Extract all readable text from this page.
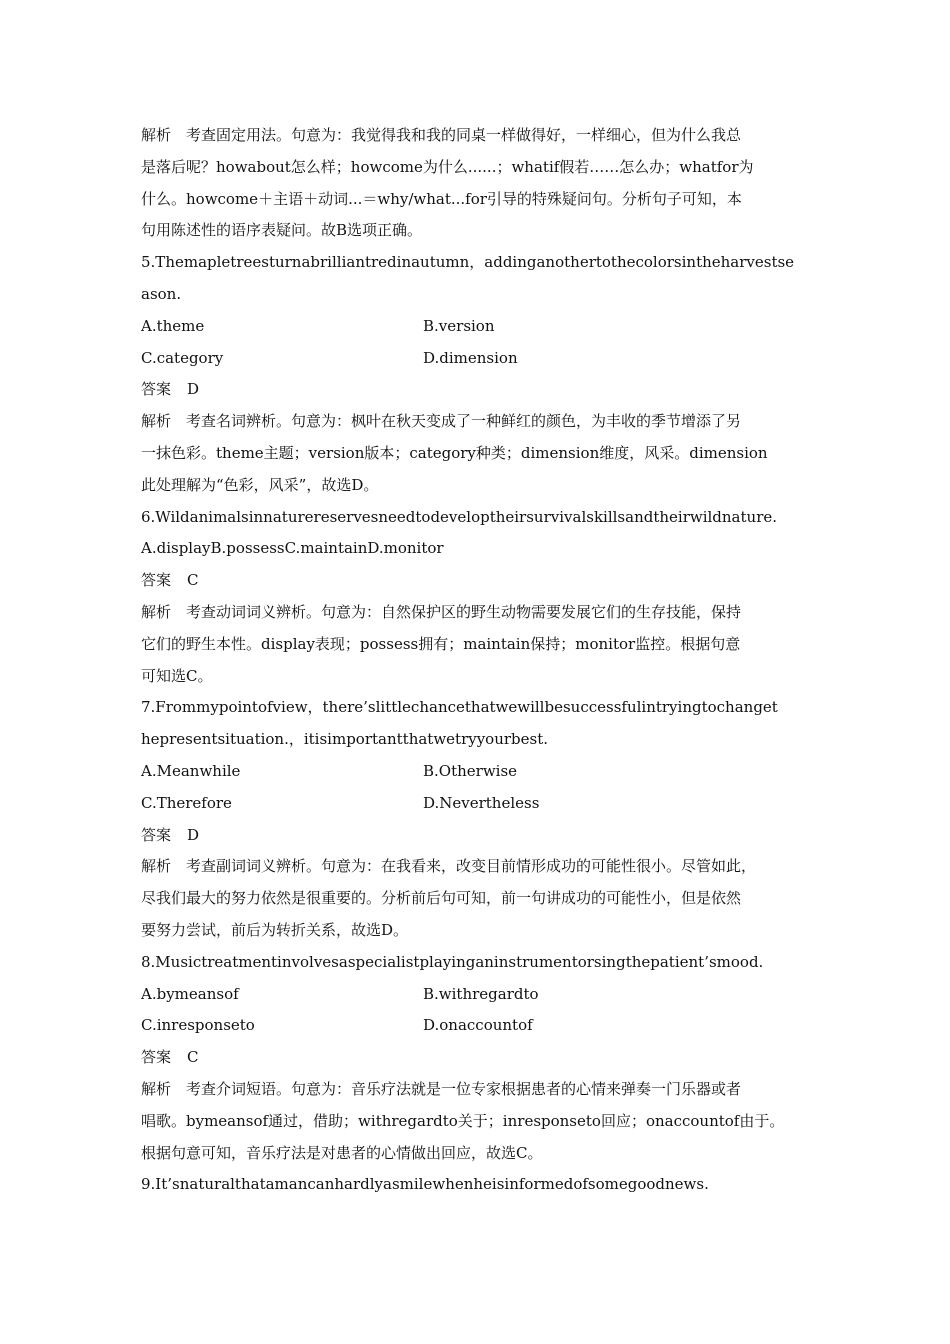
解析　考查固定用法。句意为：我觉得我和我的同桌一样做得好，一样细心，但为什么我总
是落后呢？howabout怎么样；howcome为什么......；whatif假若……怎么办；whatfor为
什么。howcome＋主语＋动词...＝why/what...for引导的特殊疑问句。分析句子可知，本
句用陈述性的语序表疑问。故B选项正确。
5.Themapletreesturnabrilliantredinautumn，addinganothertothecolorsintheharvestse
ason.
A.theme	B.version
C.category	D.dimension
答案 D
解析　考查名词辨析。句意为：枫叶在秋天变成了一种鲜红的颜色，为丰收的季节增添了另
一抹色彩。theme主题；version版本；category种类；dimension维度，风采。dimension
此处理解为“色彩，风采”，故选D。
6.Wildanimalsinnaturereservesneedtodeveloptheirsurvivalskillsandtheirwildnature.
A.displayB.possessC.maintainD.monitor
答案 C
解析　考查动词词义辨析。句意为：自然保护区的野生动物需要发展它们的生存技能，保持
它们的野生本性。display表现；possess拥有；maintain保持；monitor监控。根据句意
可知选C。
7.Frommypointofview，there’slittlechancethatwewillbesuccessfulintryingtochanget
hepresentsituation.，itisimportantthatwetryyourbest.
A.Meanwhile	B.Otherwise
C.Therefore	D.Nevertheless
答案 D
解析　考查副词词义辨析。句意为：在我看来，改变目前情形成功的可能性很小。尽管如此，
尽我们最大的努力依然是很重要的。分析前后句可知，前一句讲成功的可能性小，但是依然
要努力尝试，前后为转折关系，故选D。
8.Musictreatmentinvolvesaspecialistplayinganinstrumentorsingthepatient’smood.
A.bymeansof	B.withregardto
C.inresponseto	D.onaccountof
答案 C
解析　考查介词短语。句意为：音乐疗法就是一位专家根据患者的心情来弹奏一门乐器或者
唱歌。bymeansof通过，借助；withregardto关于；inresponseto回应；onaccountof由于。
根据句意可知，音乐疗法是对患者的心情做出回应，故选C。
9.It’snaturalthatamancanhardlyasmilewhenheisinformedofsomegoodnews.
